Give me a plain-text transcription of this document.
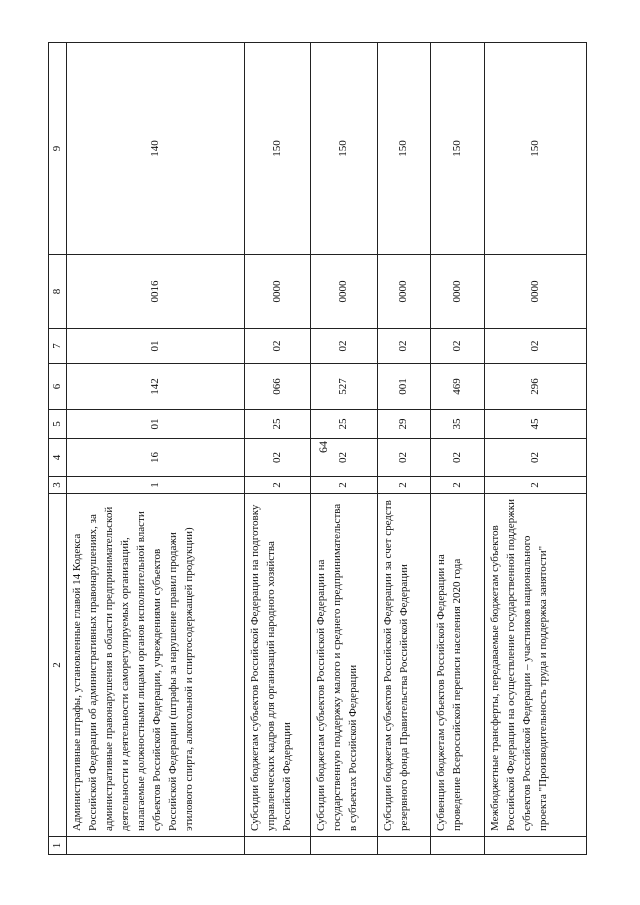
64
1	2	3	4	5	6	7	8	9
	Административные штрафы, установленные главой 14 Кодекса Российской Федерации об административных правонарушениях, за административные правонарушения в области предпринимательской деятельности и деятельности саморегулируемых организаций, налагаемые должностными лицами органов исполнительной власти субъектов Российской Федерации, учреждениями субъектов Российской Федерации (штрафы за нарушение правил продажи этилового спирта, алкогольной и спиртосодержащей продукции)	1	16	01	142	01	0016	140
	Субсидии бюджетам субъектов Российской Федерации на подготовку управленческих кадров для организаций народного хозяйства Российской Федерации	2	02	25	066	02	0000	150
	Субсидии бюджетам субъектов Российской Федерации на государственную поддержку малого и среднего предпринимательства в субъектах Российской Федерации	2	02	25	527	02	0000	150
	Субсидии бюджетам субъектов Российской Федерации за счет средств резервного фонда Правительства Российской Федерации	2	02	29	001	02	0000	150
	Субвенции бюджетам субъектов Российской Федерации на проведение Всероссийской переписи населения 2020 года	2	02	35	469	02	0000	150
	Межбюджетные трансферты, передаваемые бюджетам субъектов Российской Федерации на осуществление государственной поддержки субъектов Российской Федерации – участников национального проекта "Производительность труда и поддержка занятости"	2	02	45	296	02	0000	150
